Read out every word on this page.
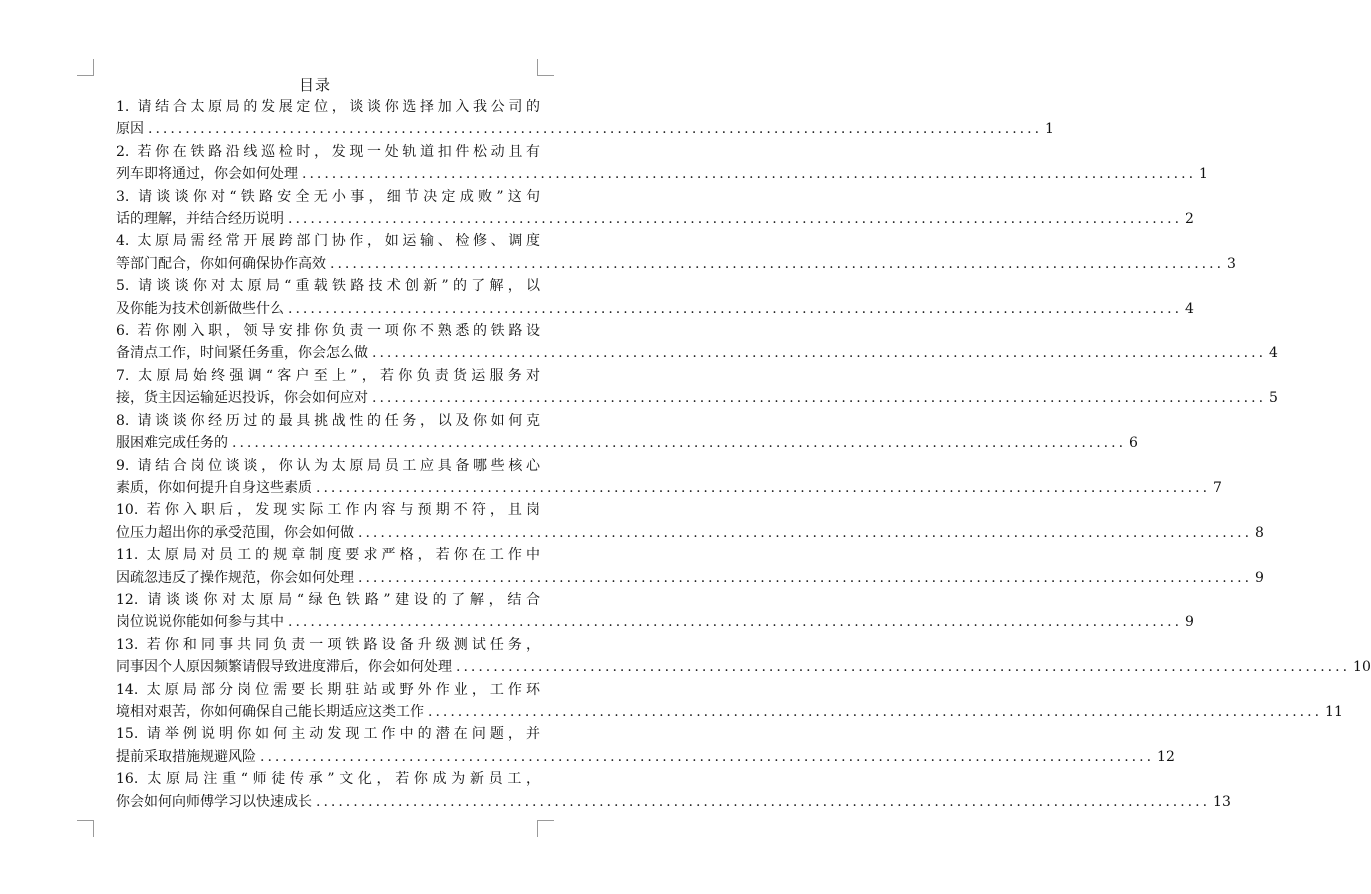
目录
1. 请结合太原局的发展定位，谈谈你选择加入我公司的
原因 ........................................................................................................................ 1
2. 若你在铁路沿线巡检时，发现一处轨道扣件松动且有
列车即将通过，你会如何处理 ........................................................................................................................ 1
3. 请谈谈你对“铁路安全无小事，细节决定成败”这句
话的理解，并结合经历说明 ........................................................................................................................ 2
4. 太原局需经常开展跨部门协作，如运输、检修、调度
等部门配合，你如何确保协作高效 ........................................................................................................................ 3
5. 请谈谈你对太原局“重载铁路技术创新”的了解，以
及你能为技术创新做些什么 ........................................................................................................................ 4
6. 若你刚入职，领导安排你负责一项你不熟悉的铁路设
备清点工作，时间紧任务重，你会怎么做 ........................................................................................................................ 4
7. 太原局始终强调“客户至上”，若你负责货运服务对
接，货主因运输延迟投诉，你会如何应对 ........................................................................................................................ 5
8. 请谈谈你经历过的最具挑战性的任务，以及你如何克
服困难完成任务的 ........................................................................................................................ 6
9. 请结合岗位谈谈，你认为太原局员工应具备哪些核心
素质，你如何提升自身这些素质 ........................................................................................................................ 7
10. 若你入职后，发现实际工作内容与预期不符，且岗
位压力超出你的承受范围，你会如何做 ........................................................................................................................ 8
11. 太原局对员工的规章制度要求严格，若你在工作中
因疏忽违反了操作规范，你会如何处理 ........................................................................................................................ 9
12. 请谈谈你对太原局“绿色铁路”建设的了解，结合
岗位说说你能如何参与其中 ........................................................................................................................ 9
13. 若你和同事共同负责一项铁路设备升级测试任务，
同事因个人原因频繁请假导致进度滞后，你会如何处理 ........................................................................................................................ 10
14. 太原局部分岗位需要长期驻站或野外作业，工作环
境相对艰苦，你如何确保自己能长期适应这类工作 ........................................................................................................................ 11
15. 请举例说明你如何主动发现工作中的潜在问题，并
提前采取措施规避风险 ........................................................................................................................ 12
16. 太原局注重“师徒传承”文化，若你成为新员工，
你会如何向师傅学习以快速成长 ........................................................................................................................ 13
